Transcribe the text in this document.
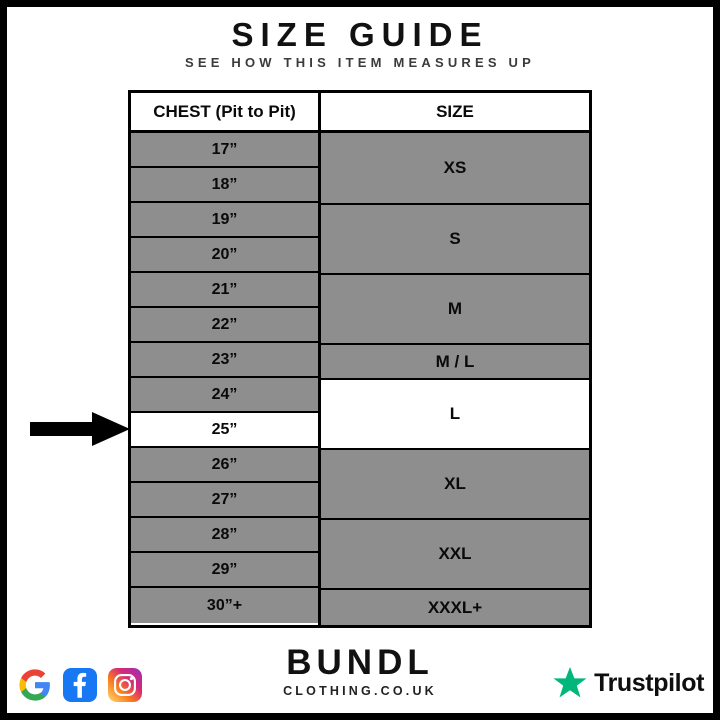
SIZE GUIDE
SEE HOW THIS ITEM MEASURES UP
CHEST (Pit to Pit)	SIZE
17”
18”
19”
20”
21”
22”
23”
24”
25”
26”
27”
28”
29”
30”+
XS
S
M
M / L
L
XL
XXL
XXXL+
BUNDL
CLOTHING.CO.UK	Trustpilot
